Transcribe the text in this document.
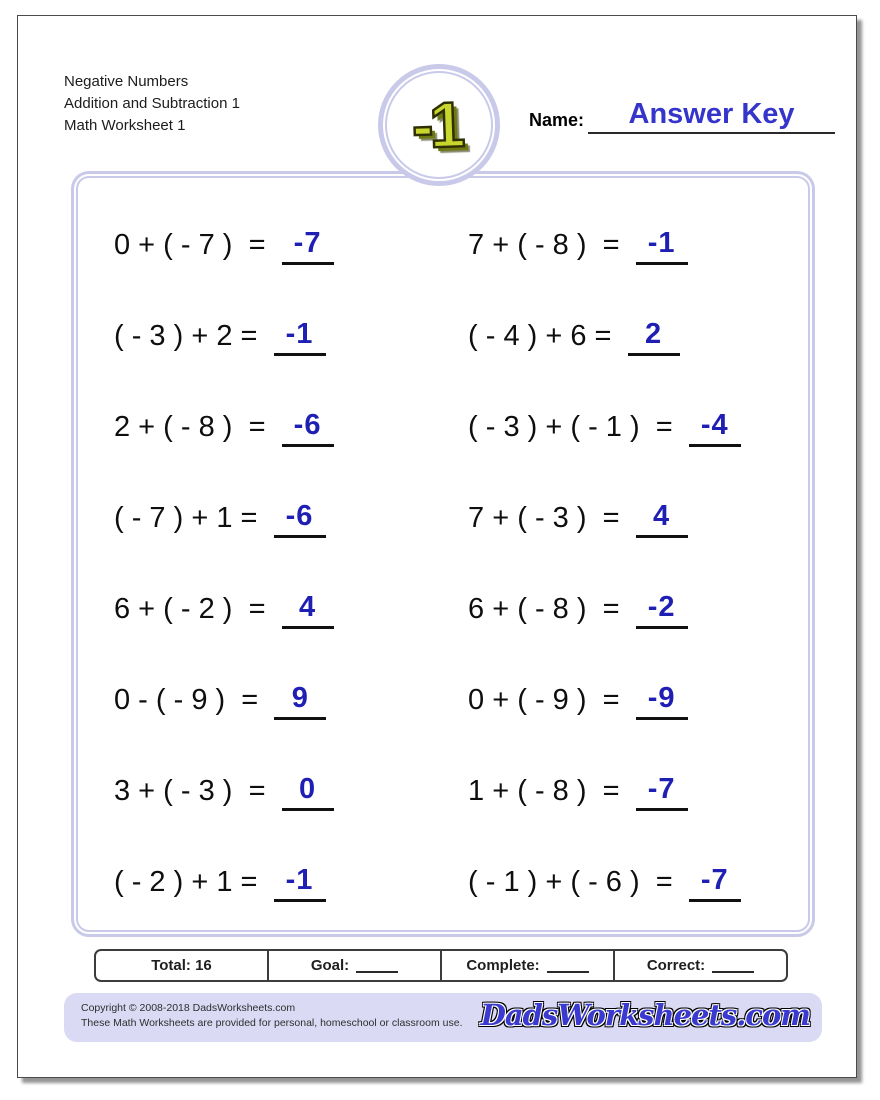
Negative Numbers
Addition and Subtraction 1
Math Worksheet 1	-1	Name:	Answer Key
0 + ( - 7 )  = -7	7 + ( - 8 )  = -1
( - 3 ) + 2 = -1	( - 4 ) + 6 = 2
2 + ( - 8 )  = -6	( - 3 ) + ( - 1 )  = -4
( - 7 ) + 1 = -6	7 + ( - 3 )  = 4
6 + ( - 2 )  = 4	6 + ( - 8 )  = -2
0 - ( - 9 )  = 9	0 + ( - 9 )  = -9
3 + ( - 3 )  = 0	1 + ( - 8 )  = -7
( - 2 ) + 1 = -1	( - 1 ) + ( - 6 )  = -7
Total: 16	Goal:	Complete:	Correct:
Copyright © 2008-2018 DadsWorksheets.com
These Math Worksheets are provided for personal, homeschool or classroom use. DadsWorksheets.com
